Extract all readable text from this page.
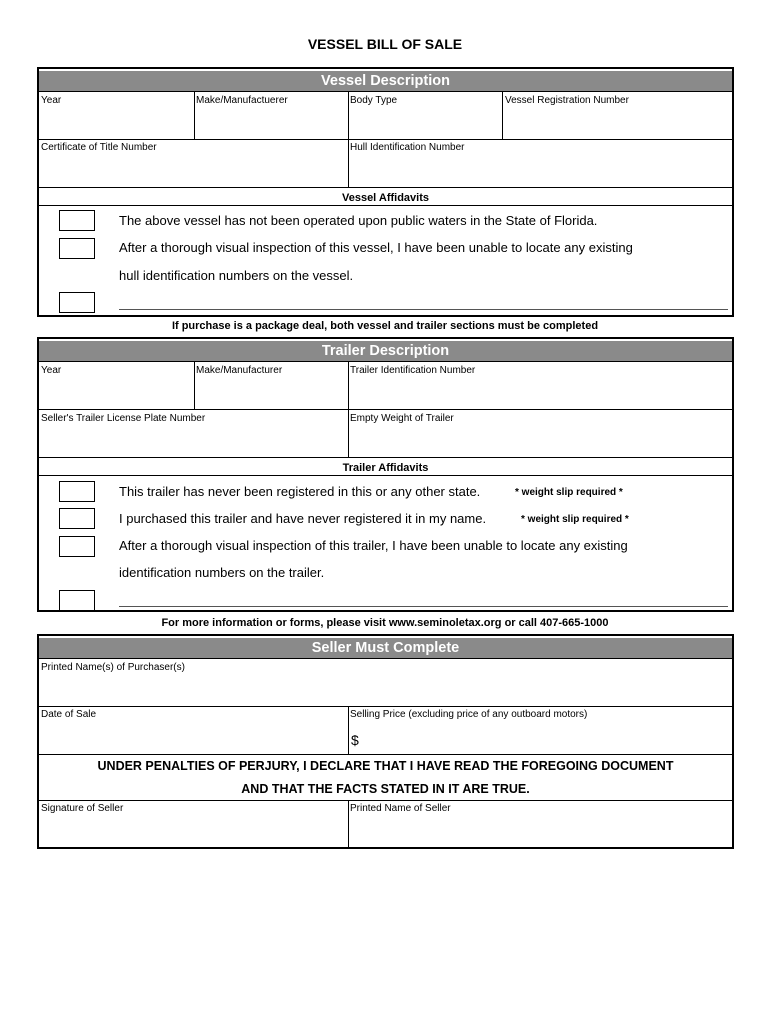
VESSEL BILL OF SALE
Vessel Description
Year	Make/Manufactuerer	Body Type	Vessel Registration Number
Certificate of Title Number	Hull Identification Number
Vessel Affidavits
The above vessel has not been operated upon public waters in the State of Florida.
After a thorough visual inspection of this vessel, I have been unable to locate any existing
hull identification numbers on the vessel.
If purchase is a package deal, both vessel and trailer sections must be completed
Trailer Description
Year	Make/Manufacturer	Trailer Identification Number
Seller's Trailer License Plate Number	Empty Weight of Trailer
Trailer Affidavits
This trailer has never been registered in this or any other state.	* weight slip required *
I purchased this trailer and have never registered it in my name.	* weight slip required *
After a thorough visual inspection of this trailer, I have been unable to locate any existing
identification numbers on the trailer.
For more information or forms, please visit www.seminoletax.org or call 407-665-1000
Seller Must Complete
Printed Name(s) of Purchaser(s)
Date of Sale	Selling Price (excluding price of any outboard motors)
$
UNDER PENALTIES OF PERJURY, I DECLARE THAT I HAVE READ THE FOREGOING DOCUMENT
AND THAT THE FACTS STATED IN IT ARE TRUE.
Signature of Seller	Printed Name of Seller
